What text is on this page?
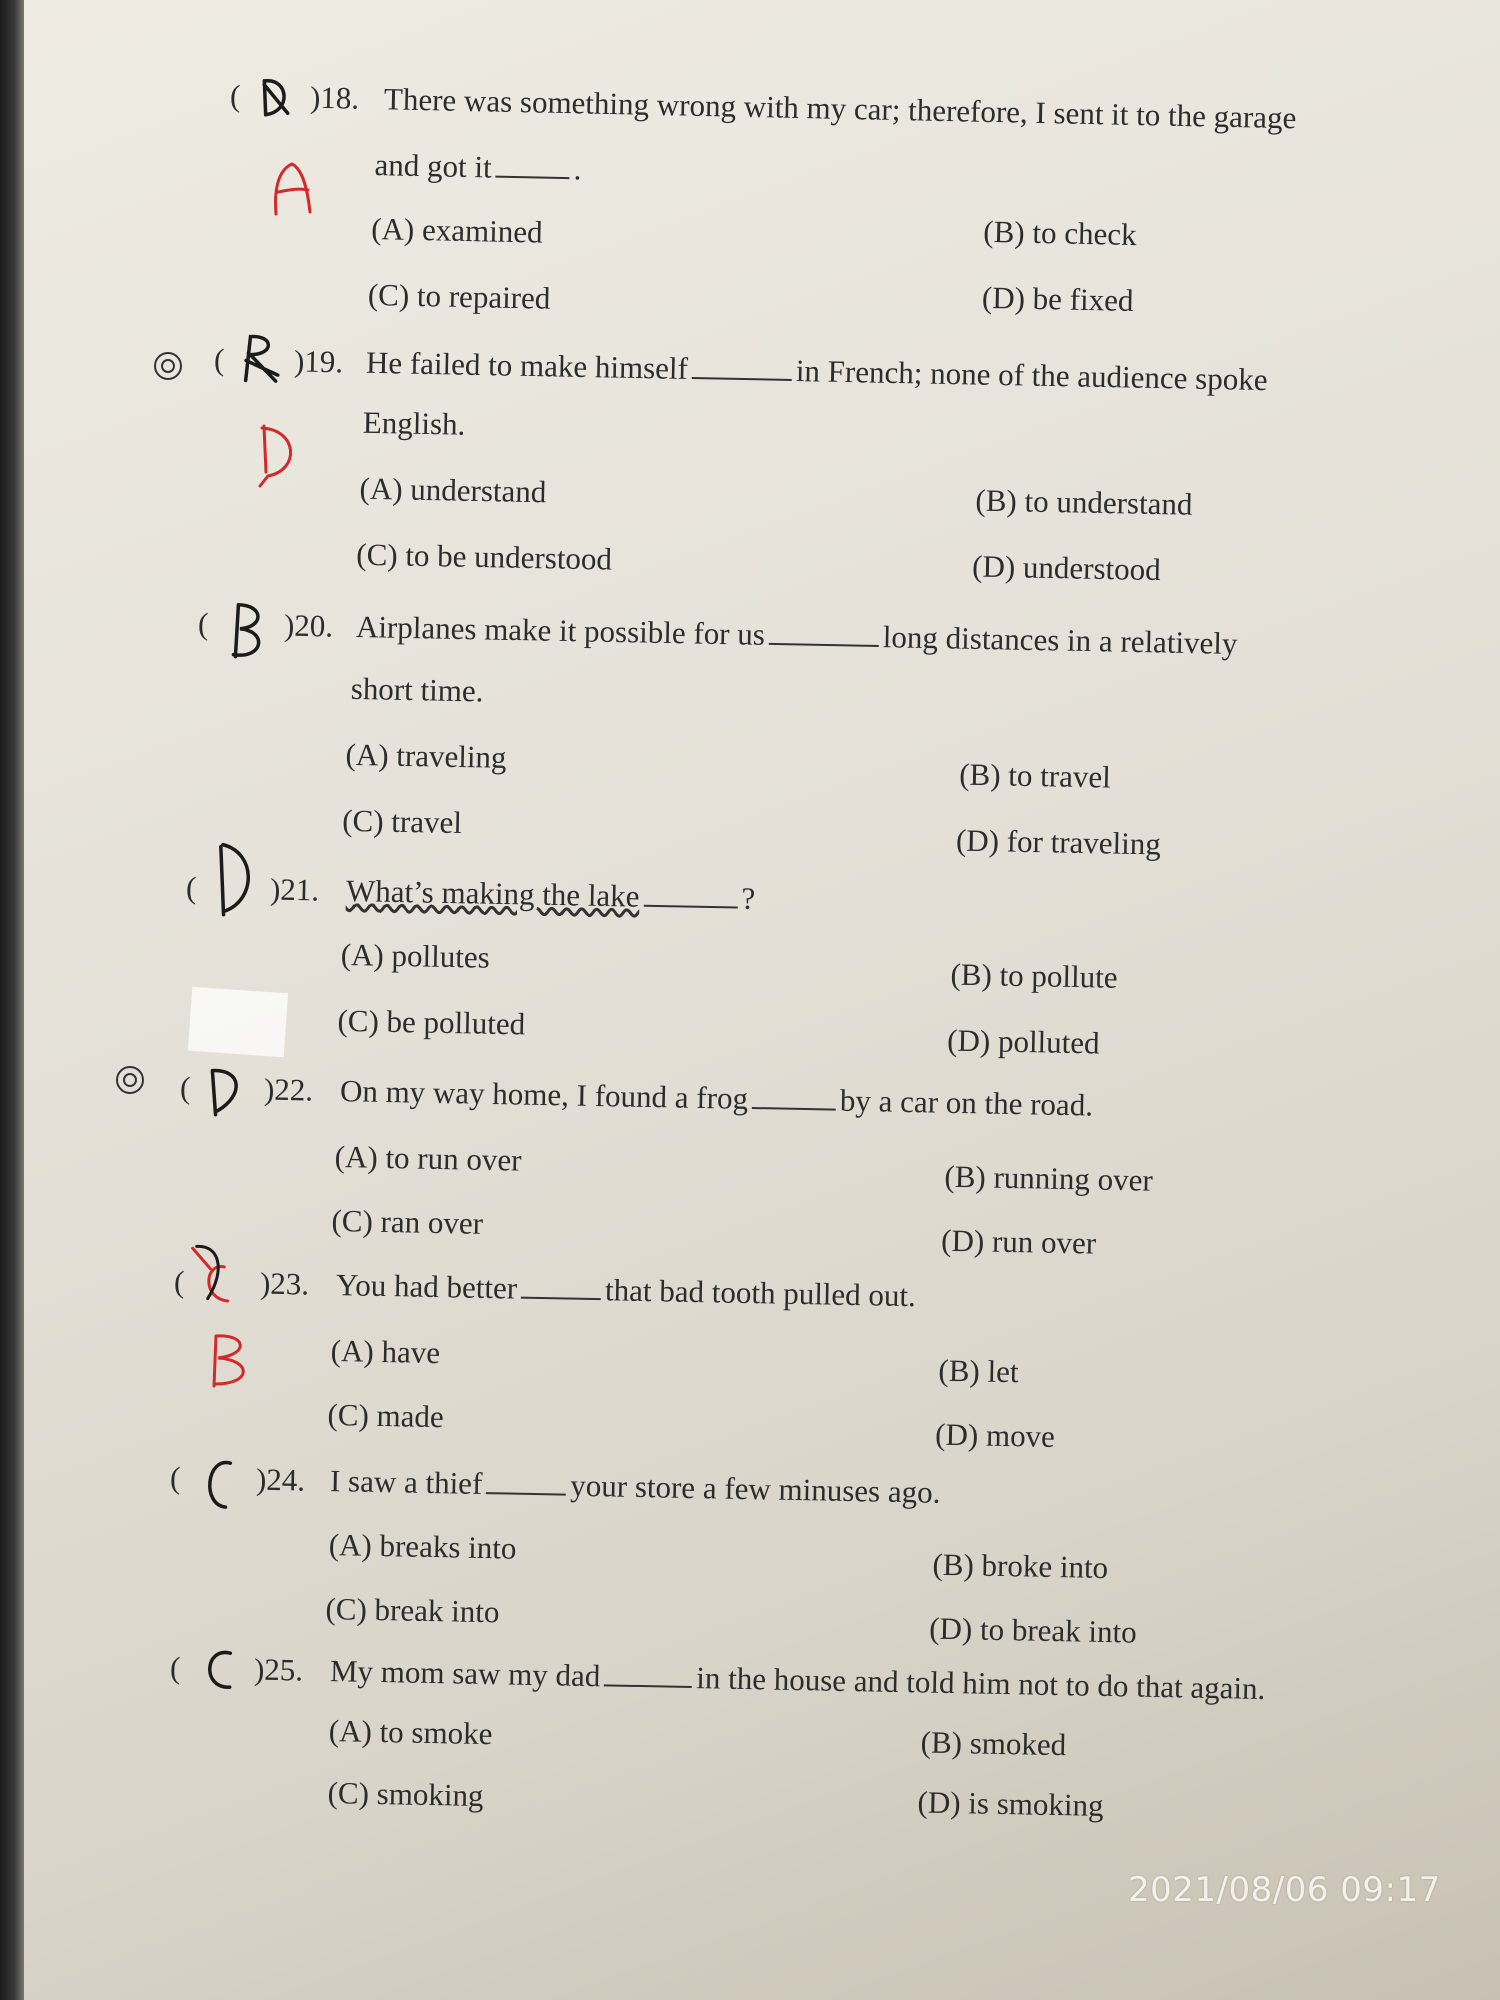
( )18. There was something wrong with my car; therefore, I sent it to the garage
and got it	.
(A) examined	(B) to check
(C) to repaired	(D) be fixed
( )19. He failed to make himself	in French; none of the audience spoke
English.
(A) understand	(B) to understand
(C) to be understood	(D) understood
( )20. Airplanes make it possible for us	long distances in a relatively
short time.
(A) traveling
(B) to travel
(C) travel
(D) for traveling
( )21. What’s making the lake	?
(A) pollutes
(B) to pollute
(C) be polluted
(D) polluted
( )22. On my way home, I found a frog	by a car on the road.
(A) to run over
(B) running over
(C) ran over
(D) run over
( )23. You had better	that bad tooth pulled out.
(A) have
(B) let
(C) made
(D) move
( )24. I saw a thief	your store a few minuses ago.
(A) breaks into
(B) broke into
(C) break into
(D) to break into
( )25. My mom saw my dad	in the house and told him not to do that again.
(A) to smoke	(B) smoked
(C) smoking	(D) is smoking
2021/08/06 09:17
